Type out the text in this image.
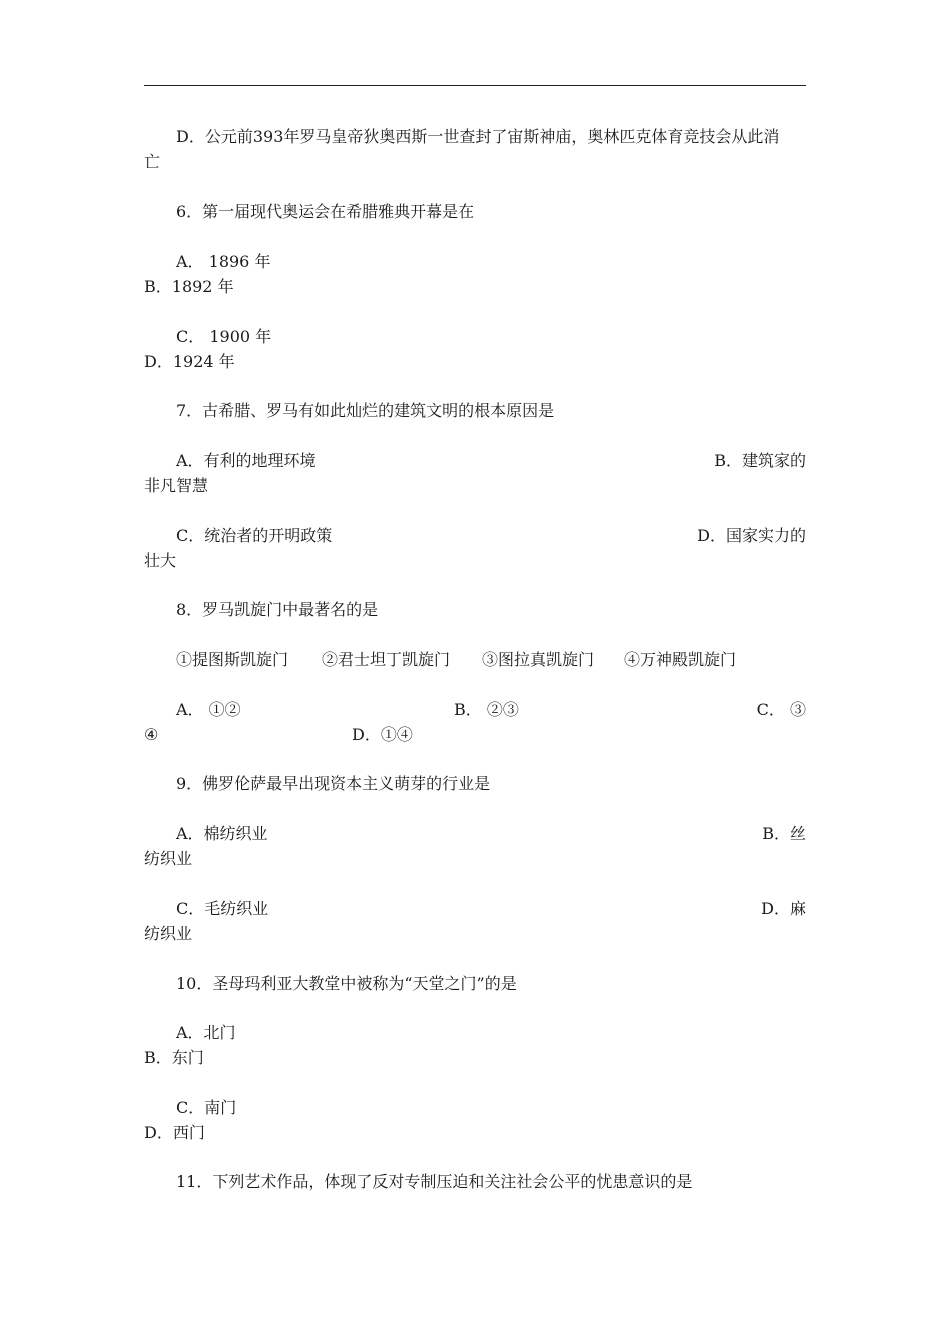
D．公元前393年罗马皇帝狄奥西斯一世查封了宙斯神庙，奥林匹克体育竞技会从此消
亡
6．第一届现代奥运会在希腊雅典开幕是在
A． 1896 年
B．1892 年
C． 1900 年
D．1924 年
7．古希腊、罗马有如此灿烂的建筑文明的根本原因是
A．有利的地理环境	B．建筑家的
非凡智慧
C．统治者的开明政策	D．国家实力的
壮大
8．罗马凯旋门中最著名的是
①提图斯凯旋门 ②君士坦丁凯旋门 ③图拉真凯旋门 ④万神殿凯旋门
A． ①②	B． ②③	C． ③
④	D．①④
9．佛罗伦萨最早出现资本主义萌芽的行业是
A．棉纺织业	B．丝
纺织业
C．毛纺织业	D．麻
纺织业
10．圣母玛利亚大教堂中被称为“天堂之门”的是
A．北门
B．东门
C．南门
D．西门
11．下列艺术作品，体现了反对专制压迫和关注社会公平的忧患意识的是
